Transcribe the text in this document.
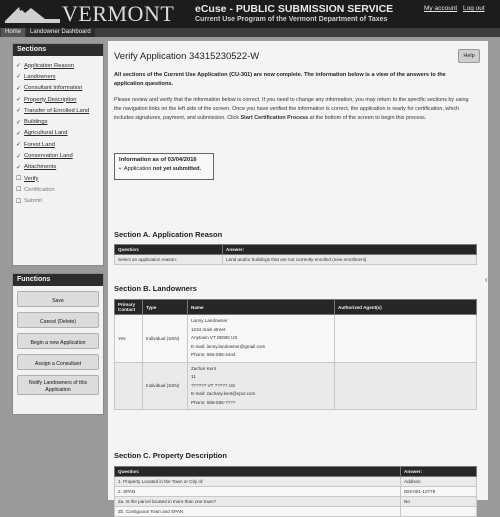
VERMONT eCuse - PUBLIC SUBMISSION SERVICE
Current Use Program of the Vermont Department of Taxes
My account Log out
Home	Landowner Dashboard
Sections
✓ Application Reason
✓ Landowners
✓ Consultant Information
✓ Property Description
✓ Transfer of Enrolled Land
✓ Buildings
✓ Agricultural Land
✓ Forest Land
✓ Conservation Land
✓ Attachments
☐ Verify
☐ Certification
☐ Submit
Functions
Save
Cancel (Delete)
Begin a new Application
Assign a Consultant
Notify Landowners of this Application
Verify Application 34315230522-W	Help
All sections of the Current Use Application (CU-301) are now complete. The information below is a view of the answers to the application questions.
Please review and verify that the information below is correct. If you need to change any information, you may return to the specific sections by using the navigation links on the left side of the screen. Once you have verified the information is correct, the application is ready for certification, which includes signatures, payment, and submission. Click Start Certification Process at the bottom of the screen to begin this process.
Information as of 03/04/2016
• Application not yet submitted.
Section A. Application Reason
Question:	Answer:
Select an application reason:	Land and/or buildings that are not currently enrolled (new enrollment)
Section B. Landowners
Primary Contact	Type	Name	Authorized Agent(s)
Yes	Individual (SSN)	Lanny Landowner
1234 main street
Anytown VT 05000 US
E-mail: lanny.landowner@gmail.com
Phone: 555-555-4444	

	Individual (SSN)	Zachar Kent
11
?????? VT ????? US
E-mail: zachary.kent@vpvr.com
Phone: 555-555-????	

Section C. Property Description
Question:	Answer:
1. Property Located in the Town or City of:	Addison
2. SPAN	003-001-10779
2a. Is the parcel located in more than one town?	No
2b. Contiguous Town and SPAN	
‹
